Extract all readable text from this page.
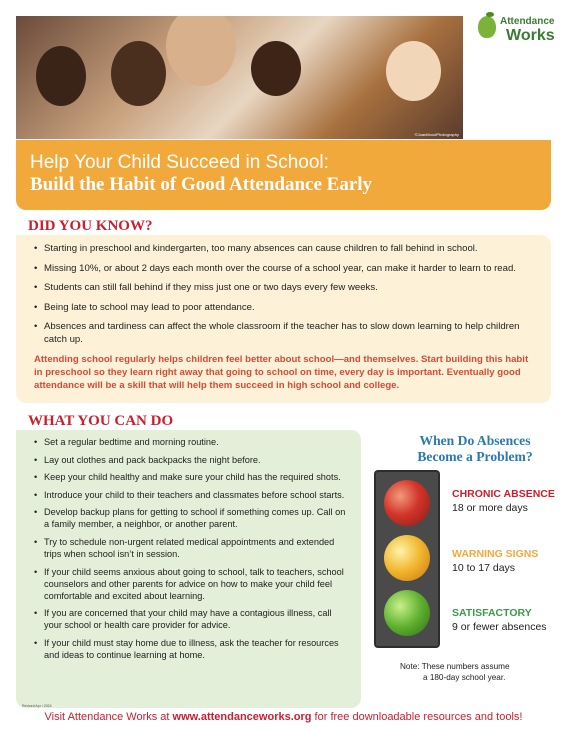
©JoanMoodPhotography
Attendance
Works
Help Your Child Succeed in School:
Build the Habit of Good Attendance Early
DID YOU KNOW?
• Starting in preschool and kindergarten, too many absences can cause children to fall behind in school.
• Missing 10%, or about 2 days each month over the course of a school year, can make it harder to learn to read.
• Students can still fall behind if they miss just one or two days every few weeks.
• Being late to school may lead to poor attendance.
• Absences and tardiness can affect the whole classroom if the teacher has to slow down learning to help children catch up.

Attending school regularly helps children feel better about school—and themselves. Start building this habit in preschool so they learn right away that going to school on time, every day is important. Eventually good attendance will be a skill that will help them succeed in high school and college.

WHAT YOU CAN DO
• Set a regular bedtime and morning routine.
• Lay out clothes and pack backpacks the night before.
• Keep your child healthy and make sure your child has the required shots.
• Introduce your child to their teachers and classmates before school starts.
• Develop backup plans for getting to school if something comes up. Call on a family member, a neighbor, or another parent.
• Try to schedule non-urgent related medical appointments and extended trips when school isn’t in session.
• If your child seems anxious about going to school, talk to teachers, school counselors and other parents for advice on how to make your child feel comfortable and excited about learning.
• If you are concerned that your child may have a contagious illness, call your school or health care provider for advice.
• If your child must stay home due to illness, ask the teacher for resources and ideas to continue learning at home.
When Do Absences
Become a Problem?
CHRONIC ABSENCE
18 or more days
WARNING SIGNS
10 to 17 days
SATISFACTORY
9 or fewer absences
Note: These numbers assume
a 180-day school year.
Revised Apr / 2024
Visit Attendance Works at www.attendanceworks.org for free downloadable resources and tools!
